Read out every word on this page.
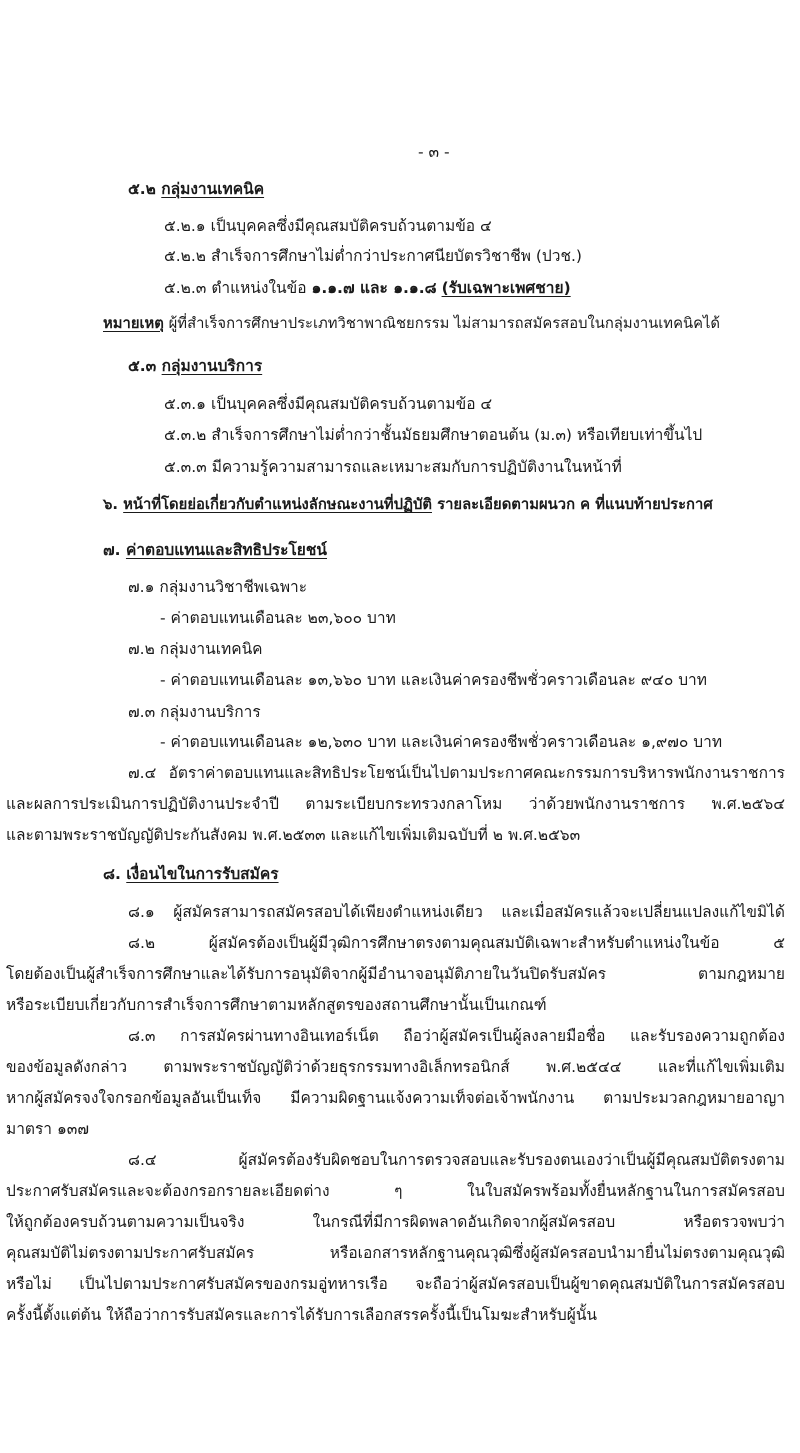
- ๓ -
๕.๒ กลุ่มงานเทคนิค
๕.๒.๑ เป็นบุคคลซึ่งมีคุณสมบัติครบถ้วนตามข้อ ๔
๕.๒.๒ สำเร็จการศึกษาไม่ต่ำกว่าประกาศนียบัตรวิชาชีพ (ปวช.)
๕.๒.๓ ตำแหน่งในข้อ ๑.๑.๗ และ ๑.๑.๘ (รับเฉพาะเพศชาย)
หมายเหตุ ผู้ที่สำเร็จการศึกษาประเภทวิชาพาณิชยกรรม ไม่สามารถสมัครสอบในกลุ่มงานเทคนิคได้
๕.๓ กลุ่มงานบริการ
๕.๓.๑ เป็นบุคคลซึ่งมีคุณสมบัติครบถ้วนตามข้อ ๔
๕.๓.๒ สำเร็จการศึกษาไม่ต่ำกว่าชั้นมัธยมศึกษาตอนต้น (ม.๓) หรือเทียบเท่าขึ้นไป
๕.๓.๓ มีความรู้ความสามารถและเหมาะสมกับการปฏิบัติงานในหน้าที่
๖. หน้าที่โดยย่อเกี่ยวกับตำแหน่งลักษณะงานที่ปฏิบัติ รายละเอียดตามผนวก ค ที่แนบท้ายประกาศ
๗. ค่าตอบแทนและสิทธิประโยชน์
๗.๑ กลุ่มงานวิชาชีพเฉพาะ
- ค่าตอบแทนเดือนละ ๒๓,๖๐๐ บาท
๗.๒ กลุ่มงานเทคนิค
- ค่าตอบแทนเดือนละ ๑๓,๖๖๐ บาท และเงินค่าครองชีพชั่วคราวเดือนละ ๙๔๐ บาท
๗.๓ กลุ่มงานบริการ
- ค่าตอบแทนเดือนละ ๑๒,๖๓๐ บาท และเงินค่าครองชีพชั่วคราวเดือนละ ๑,๙๗๐ บาท
๗.๔ อัตราค่าตอบแทนและสิทธิประโยชน์เป็นไปตามประกาศคณะกรรมการบริหารพนักงานราชการ
และผลการประเมินการปฏิบัติงานประจำปี ตามระเบียบกระทรวงกลาโหม ว่าด้วยพนักงานราชการ พ.ศ.๒๕๖๔
และตามพระราชบัญญัติประกันสังคม พ.ศ.๒๕๓๓ และแก้ไขเพิ่มเติมฉบับที่ ๒ พ.ศ.๒๕๖๓
๘. เงื่อนไขในการรับสมัคร
๘.๑ ผู้สมัครสามารถสมัครสอบได้เพียงตำแหน่งเดียว และเมื่อสมัครแล้วจะเปลี่ยนแปลงแก้ไขมิได้
๘.๒ ผู้สมัครต้องเป็นผู้มีวุฒิการศึกษาตรงตามคุณสมบัติเฉพาะสำหรับตำแหน่งในข้อ ๕
โดยต้องเป็นผู้สำเร็จการศึกษาและได้รับการอนุมัติจากผู้มีอำนาจอนุมัติภายในวันปิดรับสมัคร ตามกฎหมาย
หรือระเบียบเกี่ยวกับการสำเร็จการศึกษาตามหลักสูตรของสถานศึกษานั้นเป็นเกณฑ์
๘.๓ การสมัครผ่านทางอินเทอร์เน็ต ถือว่าผู้สมัครเป็นผู้ลงลายมือชื่อ และรับรองความถูกต้อง
ของข้อมูลดังกล่าว ตามพระราชบัญญัติว่าด้วยธุรกรรมทางอิเล็กทรอนิกส์ พ.ศ.๒๕๔๔ และที่แก้ไขเพิ่มเติม
หากผู้สมัครจงใจกรอกข้อมูลอันเป็นเท็จ มีความผิดฐานแจ้งความเท็จต่อเจ้าพนักงาน ตามประมวลกฎหมายอาญา
มาตรา ๑๓๗
๘.๔ ผู้สมัครต้องรับผิดชอบในการตรวจสอบและรับรองตนเองว่าเป็นผู้มีคุณสมบัติตรงตาม
ประกาศรับสมัครและจะต้องกรอกรายละเอียดต่าง ๆ ในใบสมัครพร้อมทั้งยื่นหลักฐานในการสมัครสอบ
ให้ถูกต้องครบถ้วนตามความเป็นจริง ในกรณีที่มีการผิดพลาดอันเกิดจากผู้สมัครสอบ หรือตรวจพบว่า
คุณสมบัติไม่ตรงตามประกาศรับสมัคร หรือเอกสารหลักฐานคุณวุฒิซึ่งผู้สมัครสอบนำมายื่นไม่ตรงตามคุณวุฒิ
หรือไม่ เป็นไปตามประกาศรับสมัครของกรมอู่ทหารเรือ จะถือว่าผู้สมัครสอบเป็นผู้ขาดคุณสมบัติในการสมัครสอบ
ครั้งนี้ตั้งแต่ต้น ให้ถือว่าการรับสมัครและการได้รับการเลือกสรรครั้งนี้เป็นโมฆะสำหรับผู้นั้น
